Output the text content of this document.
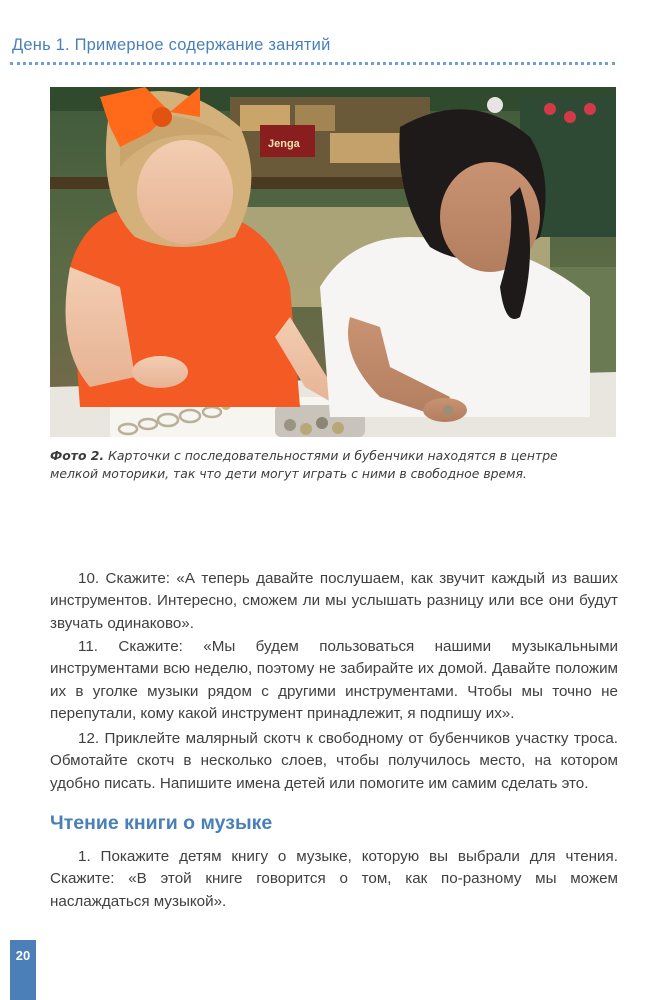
День 1. Примерное содержание занятий
Jenga
Фото 2. Карточки с последовательностями и бубенчики находятся в центре мелкой моторики, так что дети могут играть с ними в свободное время.

10. Скажите: «А теперь давайте послушаем, как звучит каждый из ваших инструментов. Интересно, сможем ли мы услышать разницу или все они будут звучать одинаково».

11. Скажите: «Мы будем пользоваться нашими музыкальными инструментами всю неделю, поэтому не забирайте их домой. Давайте положим их в уголке музыки рядом с другими инструментами. Чтобы мы точно не перепутали, кому какой инструмент принадлежит, я подпишу их».

12. Приклейте малярный скотч к свободному от бубенчиков участку троса. Обмотайте скотч в несколько слоев, чтобы получилось место, на котором удобно писать. Напишите имена детей или помогите им самим сделать это.

Чтение книги о музыке

1. Покажите детям книгу о музыке, которую вы выбрали для чтения. Скажите: «В этой книге говорится о том, как по-разному мы можем наслаждаться музыкой».

20
